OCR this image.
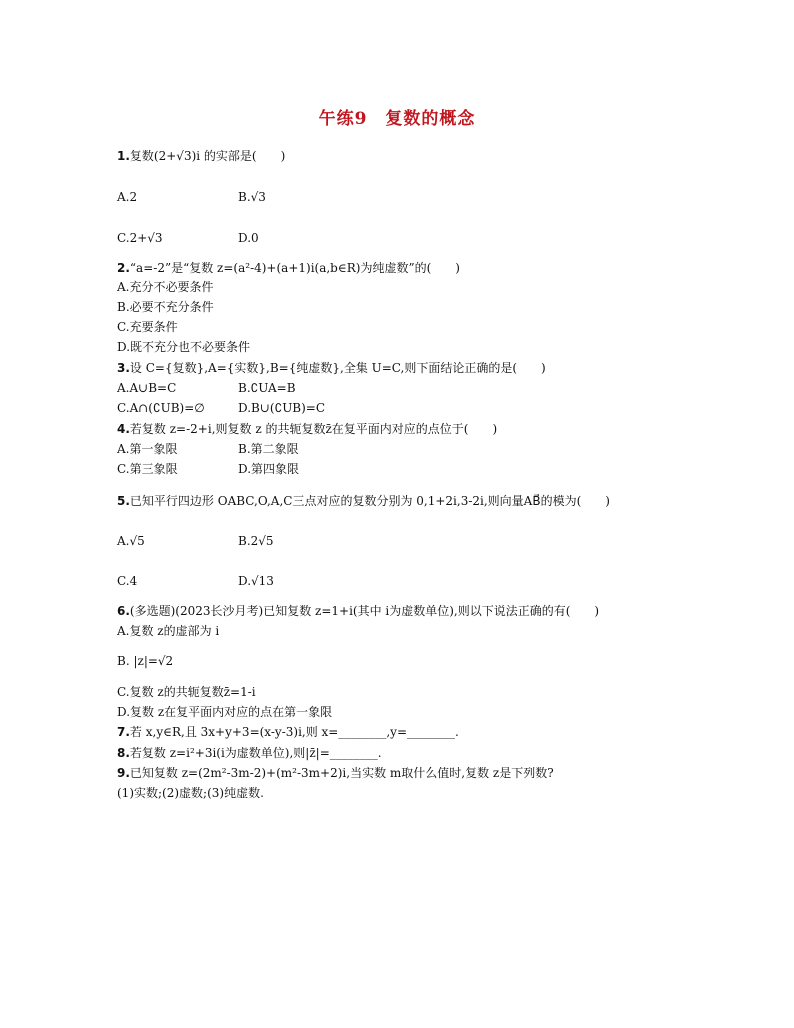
午练9　复数的概念
1.复数(2+√3)i 的实部是(　　)
A.2	B.√3
C.2+√3	D.0
2.“a=-2”是“复数 z=(a²-4)+(a+1)i(a,b∈R)为纯虚数”的(　　)
A.充分不必要条件
B.必要不充分条件
C.充要条件
D.既不充分也不必要条件
3.设 C={复数},A={实数},B={纯虚数},全集 U=C,则下面结论正确的是(　　)
A.A∪B=C	B.∁UA=B
C.A∩(∁UB)=∅	D.B∪(∁UB)=C
4.若复数 z=-2+i,则复数 z 的共轭复数z̄在复平面内对应的点位于(　　)
A.第一象限	B.第二象限
C.第三象限	D.第四象限
5.已知平行四边形 OABC,O,A,C三点对应的复数分别为 0,1+2i,3-2i,则向量AB⃗的模为(　　)
A.√5	B.2√5
C.4	D.√13
6.(多选题)(2023长沙月考)已知复数 z=1+i(其中 i为虚数单位),则以下说法正确的有(　　)
A.复数 z的虚部为 i
B. |z|=√2
C.复数 z的共轭复数z̄=1-i
D.复数 z在复平面内对应的点在第一象限
7.若 x,y∈R,且 3x+y+3=(x-y-3)i,则 x=________,y=________.
8.若复数 z=i²+3i(i为虚数单位),则|z̄|=________.
9.已知复数 z=(2m²-3m-2)+(m²-3m+2)i,当实数 m取什么值时,复数 z是下列数?
(1)实数;(2)虚数;(3)纯虚数.
